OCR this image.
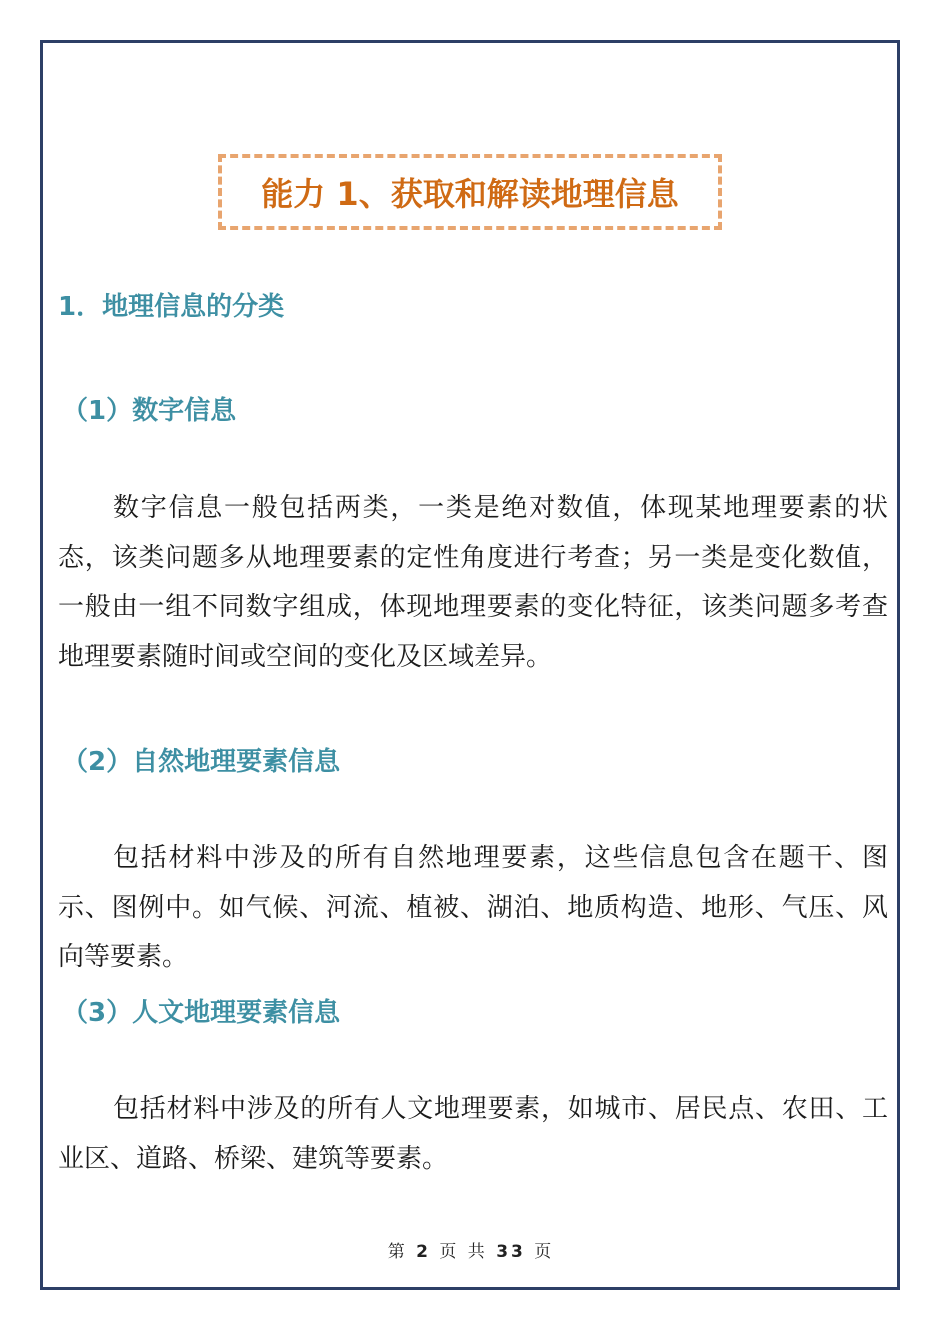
能力 1、获取和解读地理信息
1．地理信息的分类
（1）数字信息

数字信息一般包括两类，一类是绝对数值，体现某地理要素的状态，该类问题多从地理要素的定性角度进行考查；另一类是变化数值，一般由一组不同数字组成，体现地理要素的变化特征，该类问题多考查地理要素随时间或空间的变化及区域差异。

（2）自然地理要素信息

包括材料中涉及的所有自然地理要素，这些信息包含在题干、图示、图例中。如气候、河流、植被、湖泊、地质构造、地形、气压、风向等要素。

（3）人文地理要素信息

包括材料中涉及的所有人文地理要素，如城市、居民点、农田、工业区、道路、桥梁、建筑等要素。

第 2 页 共 33 页
